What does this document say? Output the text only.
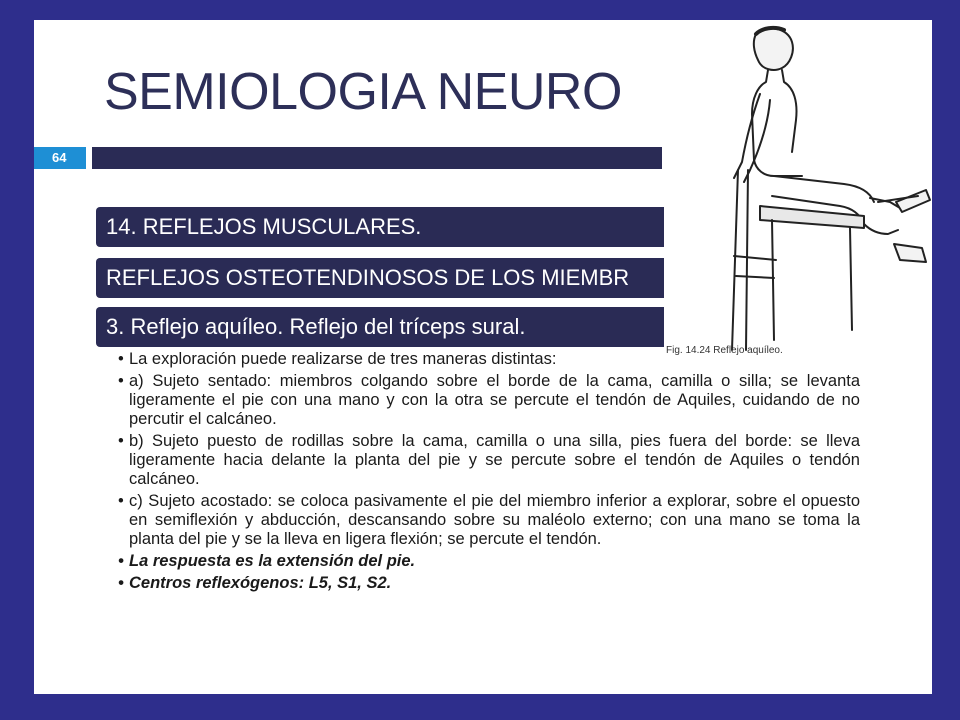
SEMIOLOGIA NEURO
64
14. REFLEJOS MUSCULARES.
REFLEJOS OSTEOTENDINOSOS DE LOS MIEMBR
3. Reflejo aquíleo. Reflejo del tríceps sural.
Fig. 14.24 Reflejo aquíleo.
• La exploración puede realizarse de tres maneras distintas:
• a) Sujeto sentado: miembros colgando sobre el borde de la cama, camilla o silla; se levanta ligeramente el pie con una mano y con la otra se percute el tendón de Aquiles, cuidando de no percutir el calcáneo.
• b) Sujeto puesto de rodillas sobre la cama, camilla o una silla, pies fuera del borde: se lleva ligeramente hacia delante la planta del pie y se percute sobre el tendón de Aquiles o tendón calcáneo.
• c) Sujeto acostado: se coloca pasivamente el pie del miembro inferior a explorar, sobre el opuesto en semiflexión y abducción, descansando sobre su maléolo externo; con una mano se toma la planta del pie y se la lleva en ligera flexión; se percute el tendón.
• La respuesta es la extensión del pie.
• Centros reflexógenos: L5, S1, S2.
